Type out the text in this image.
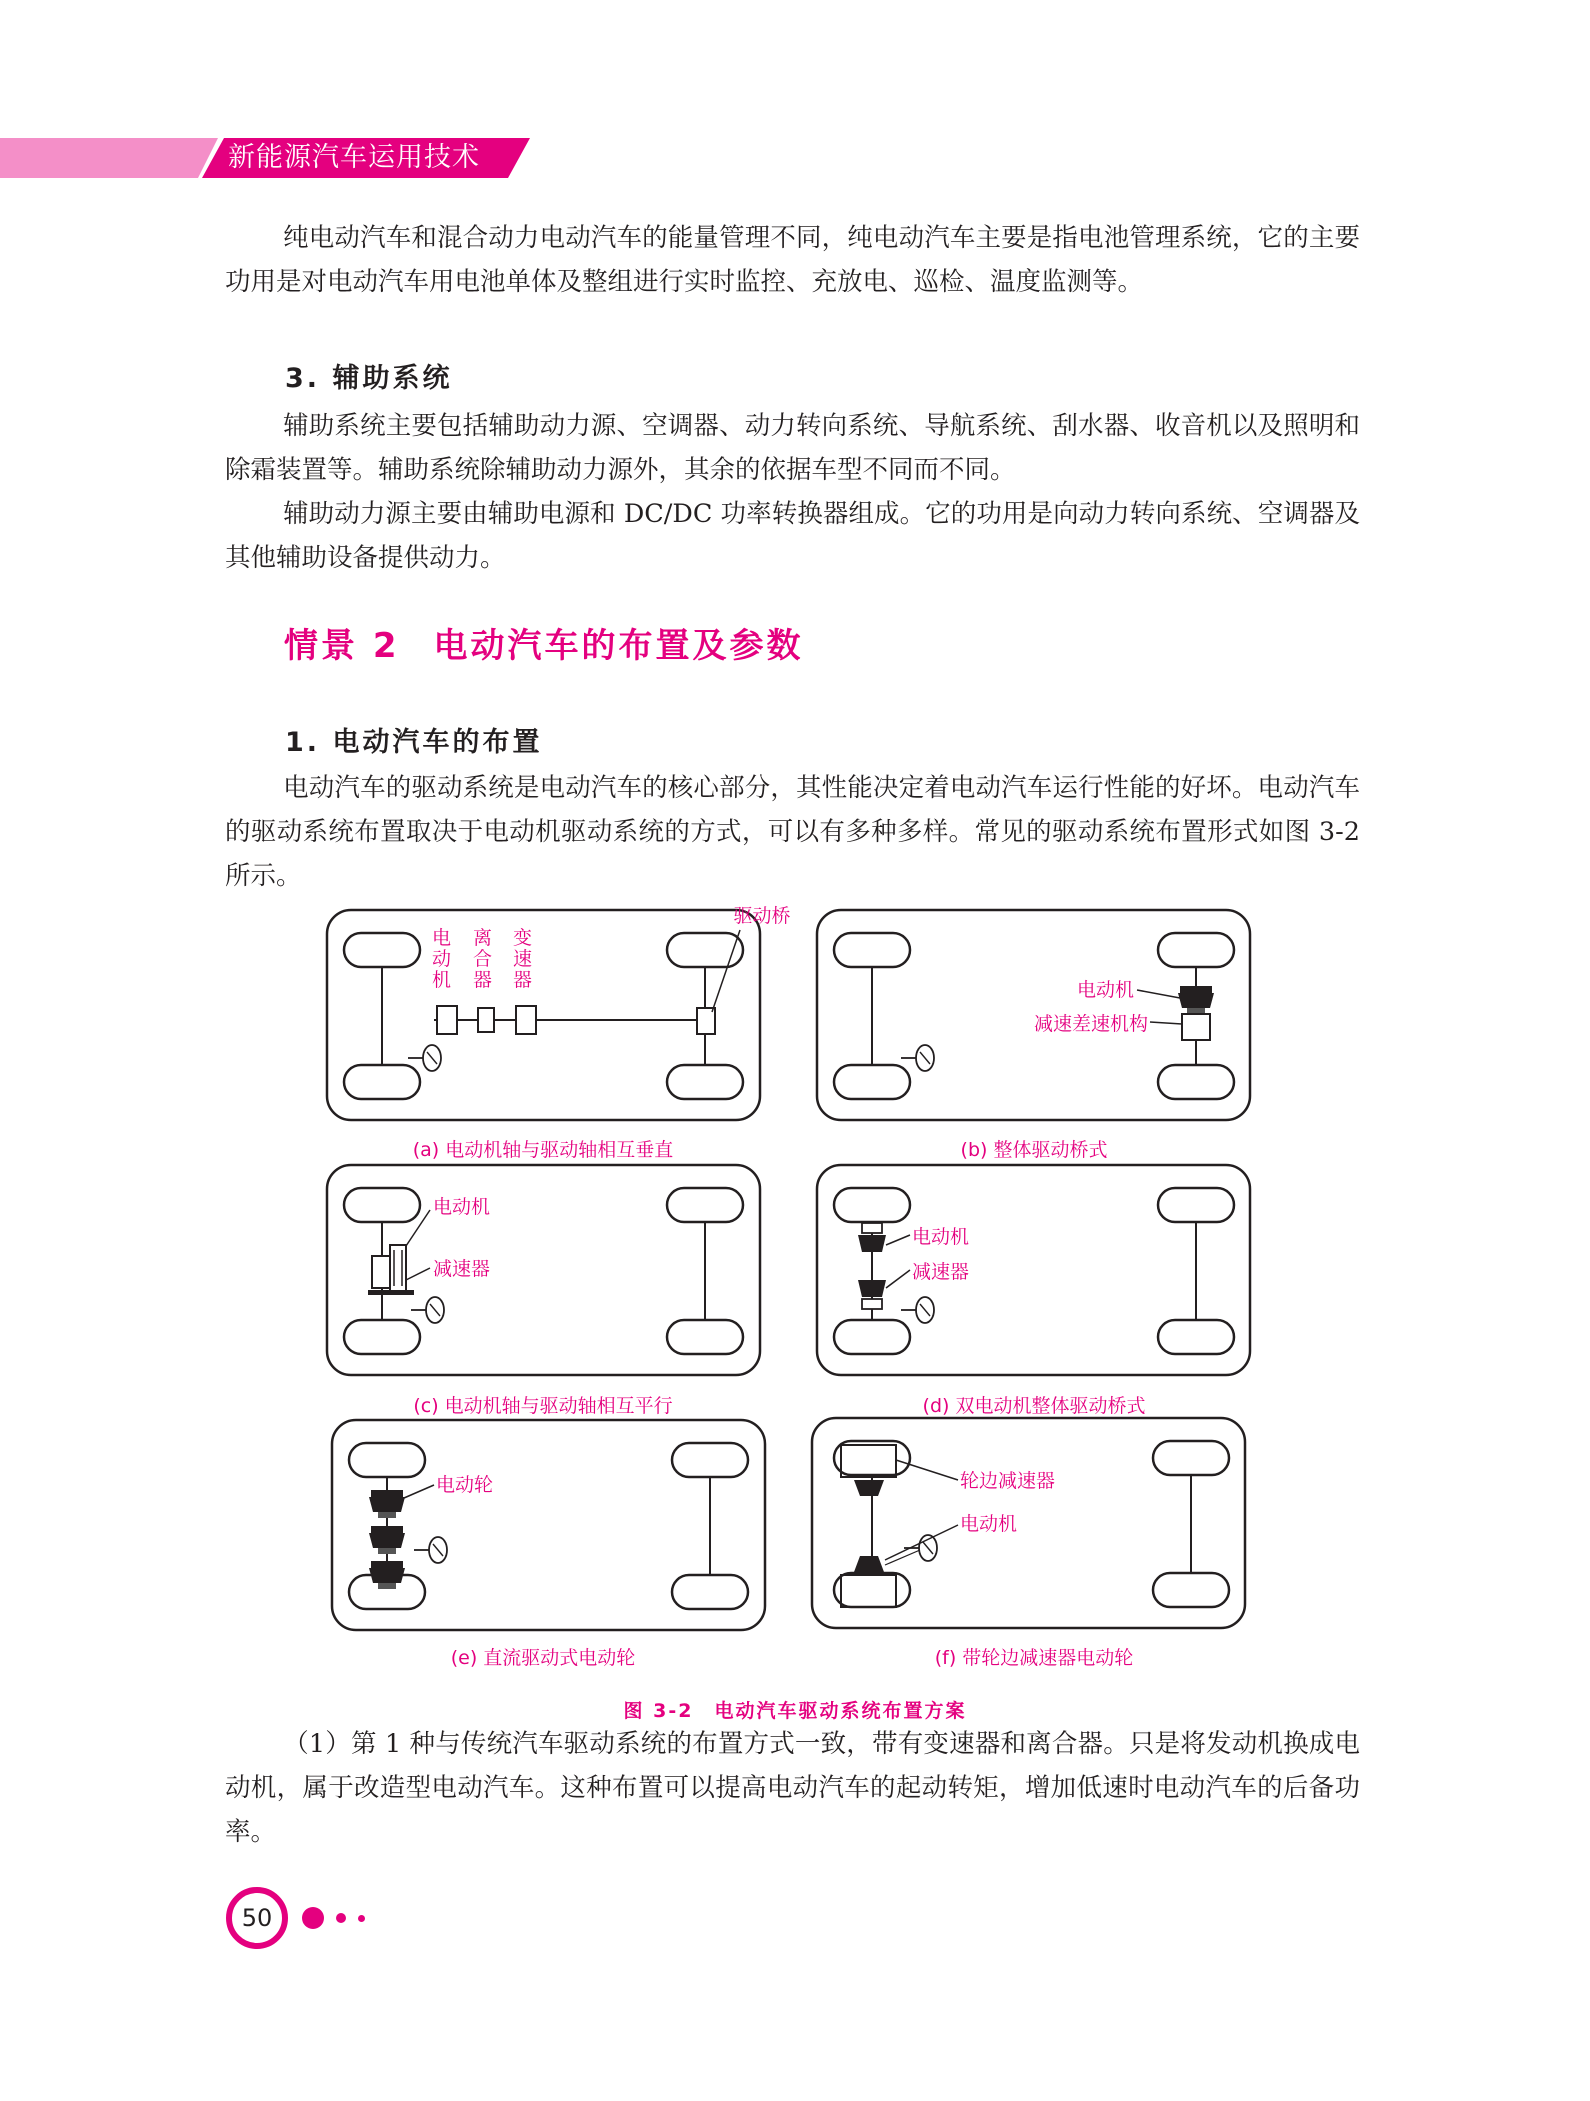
新能源汽车运用技术

纯电动汽车和混合动力电动汽车的能量管理不同，纯电动汽车主要是指电池管理系统，它的主要功用是对电动汽车用电池单体及整组进行实时监控、充放电、巡检、温度监测等。

3. 辅助系统

辅助系统主要包括辅助动力源、空调器、动力转向系统、导航系统、刮水器、收音机以及照明和除霜装置等。辅助系统除辅助动力源外，其余的依据车型不同而不同。

辅助动力源主要由辅助电源和 DC/DC 功率转换器组成。它的功用是向动力转向系统、空调器及其他辅助设备提供动力。

情景 2 电动汽车的布置及参数
1. 电动汽车的布置

电动汽车的驱动系统是电动汽车的核心部分，其性能决定着电动汽车运行性能的好坏。电动汽车的驱动系统布置取决于电动机驱动系统的方式，可以有多种多样。常见的驱动系统布置形式如图 3-2 所示。

电动机
离合器
变速器
驱动桥
(a) 电动机轴与驱动轴相互垂直
电动机
减速差速机构
(b) 整体驱动桥式
电动机
减速器
(c) 电动机轴与驱动轴相互平行
电动机
减速器
(d) 双电动机整体驱动桥式
电动轮
(e) 直流驱动式电动轮
轮边减速器
电动机
(f) 带轮边减速器电动轮
图 3-2　电动汽车驱动系统布置方案

（1）第 1 种与传统汽车驱动系统的布置方式一致，带有变速器和离合器。只是将发动机换成电动机，属于改造型电动汽车。这种布置可以提高电动汽车的起动转矩，增加低速时电动汽车的后备功率。

50
